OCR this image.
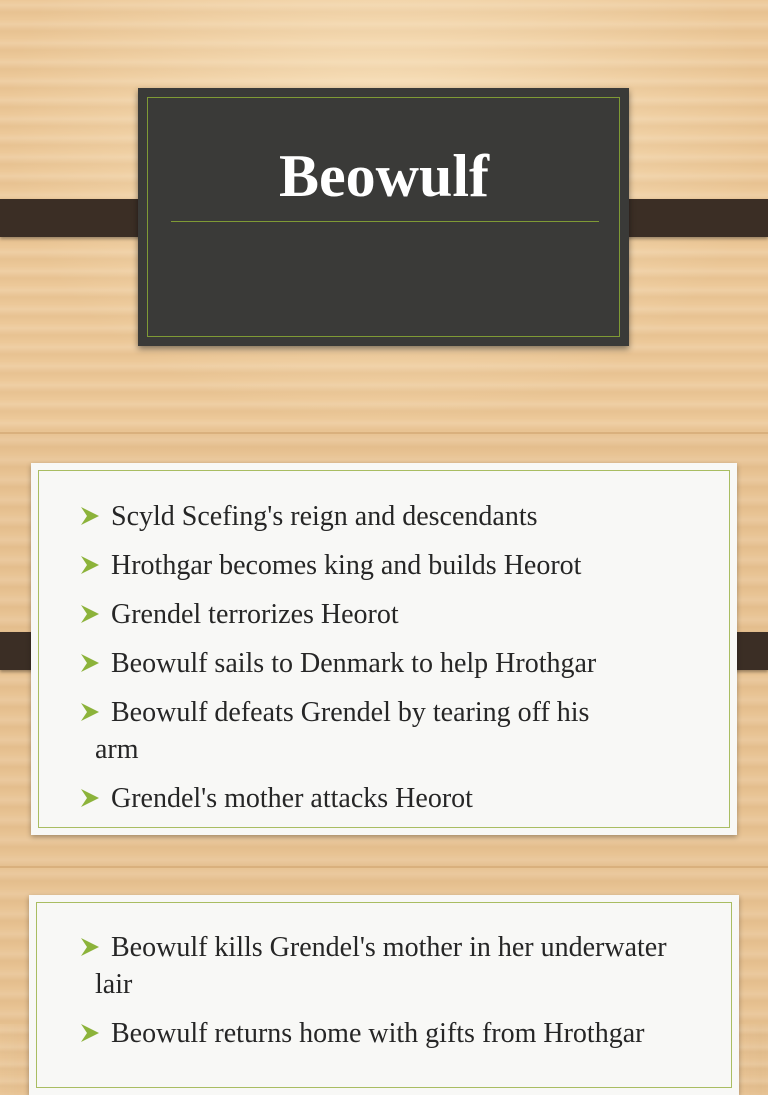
Beowulf
Scyld Scefing's reign and descendants
Hrothgar becomes king and builds Heorot
Grendel terrorizes Heorot
Beowulf sails to Denmark to help Hrothgar
Beowulf defeats Grendel by tearing off his
arm
Grendel's mother attacks Heorot
Beowulf kills Grendel's mother in her underwater
lair
Beowulf returns home with gifts from Hrothgar
